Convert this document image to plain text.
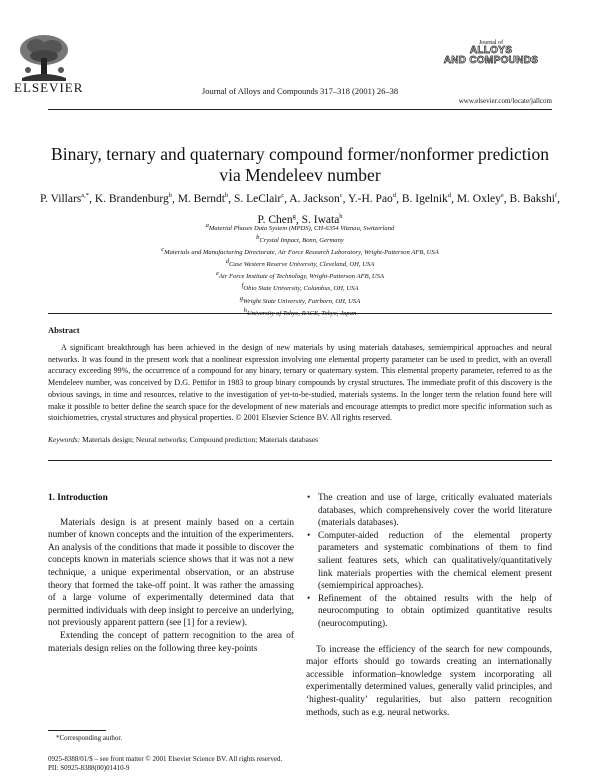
ELSEVIER	Journal of Alloys and Compounds 317–318 (2001) 26–38
Journal of
ALLOYS
AND COMPOUNDS
www.elsevier.com/locate/jallcom
Binary, ternary and quaternary compound former/nonformer prediction via Mendeleev number
P. Villars$^{a,*}$, K. Brandenburg$^b$, M. Berndt$^b$, S. LeClair$^c$, A. Jackson$^c$, Y.-H. Pao$^d$, B. Igelnik$^d$, M. Oxley$^e$, B. Bakshi$^f$, P. Chen$^g$, S. Iwata$^h$
$^a$Material Phases Data System (MPDS), CH-6354 Vitznau, Switzerland
$^b$Crystal Impact, Bonn, Germany
$^c$Materials and Manufacturing Directorate, Air Force Research Laboratory, Wright-Patterson AFB, USA
$^d$Case Western Reserve University, Cleveland, OH, USA
$^e$Air Force Institute of Technology, Wright-Patterson AFB, USA
$^f$Ohio State University, Columbus, OH, USA
$^g$Wright State University, Fairborn, OH, USA
$^h$University of Tokyo, RACE, Tokyo, Japan
Abstract
A significant breakthrough has been achieved in the design of new materials by using materials databases, semiempirical approaches and neural networks. It was found in the present work that a nonlinear expression involving one elemental property parameter can be used to predict, with an overall accuracy exceeding 99%, the occurrence of a compound for any binary, ternary or quaternary system. This elemental property parameter, referred to as the Mendeleev number, was conceived by D.G. Pettifor in 1983 to group binary compounds by crystal structures. The immediate profit of this discovery is the obvious savings, in time and resources, relative to the investigation of yet-to-be-studied, materials systems. In the longer term the relation found here will make it possible to better define the search space for the development of new materials and encourage attempts to predict more specific information such as stoichiometries, crystal structures and physical properties. © 2001 Elsevier Science BV. All rights reserved.
Keywords: Materials design; Neural networks; Compound prediction; Materials databases
1. Introduction

Materials design is at present mainly based on a certain number of known concepts and the intuition of the experimenters. An analysis of the conditions that made it possible to discover the concepts known in materials science shows that it was not a new technique, a unique experimental observation, or an abstruse theory that formed the take-off point. It was rather the amassing of a large volume of experimentally determined data that permitted individuals with deep insight to perceive an underlying, not previously apparent pattern (see [1] for a review).

Extending the concept of pattern recognition to the area of materials design relies on the following three key-points

• The creation and use of large, critically evaluated materials databases, which comprehensively cover the world literature (materials databases).
• Computer-aided reduction of the elemental property parameters and systematic combinations of them to find salient features sets, which can qualitatively/quantitatively link materials properties with the chemical element present (semiempirical approaches).
• Refinement of the obtained results with the help of neurocomputing to obtain optimized quantitative results (neurocomputing).

To increase the efficiency of the search for new compounds, major efforts should go towards creating an internationally accessible information–knowledge system incorporating all experimentally determined values, generally valid principles, and ‘highest-quality’ regularities, but also pattern recognition methods, such as e.g. neural networks.

*Corresponding author.
0925-8388/01/$ – see front matter © 2001 Elsevier Science BV. All rights reserved.
PII: S0925-8388(00)01410-9
